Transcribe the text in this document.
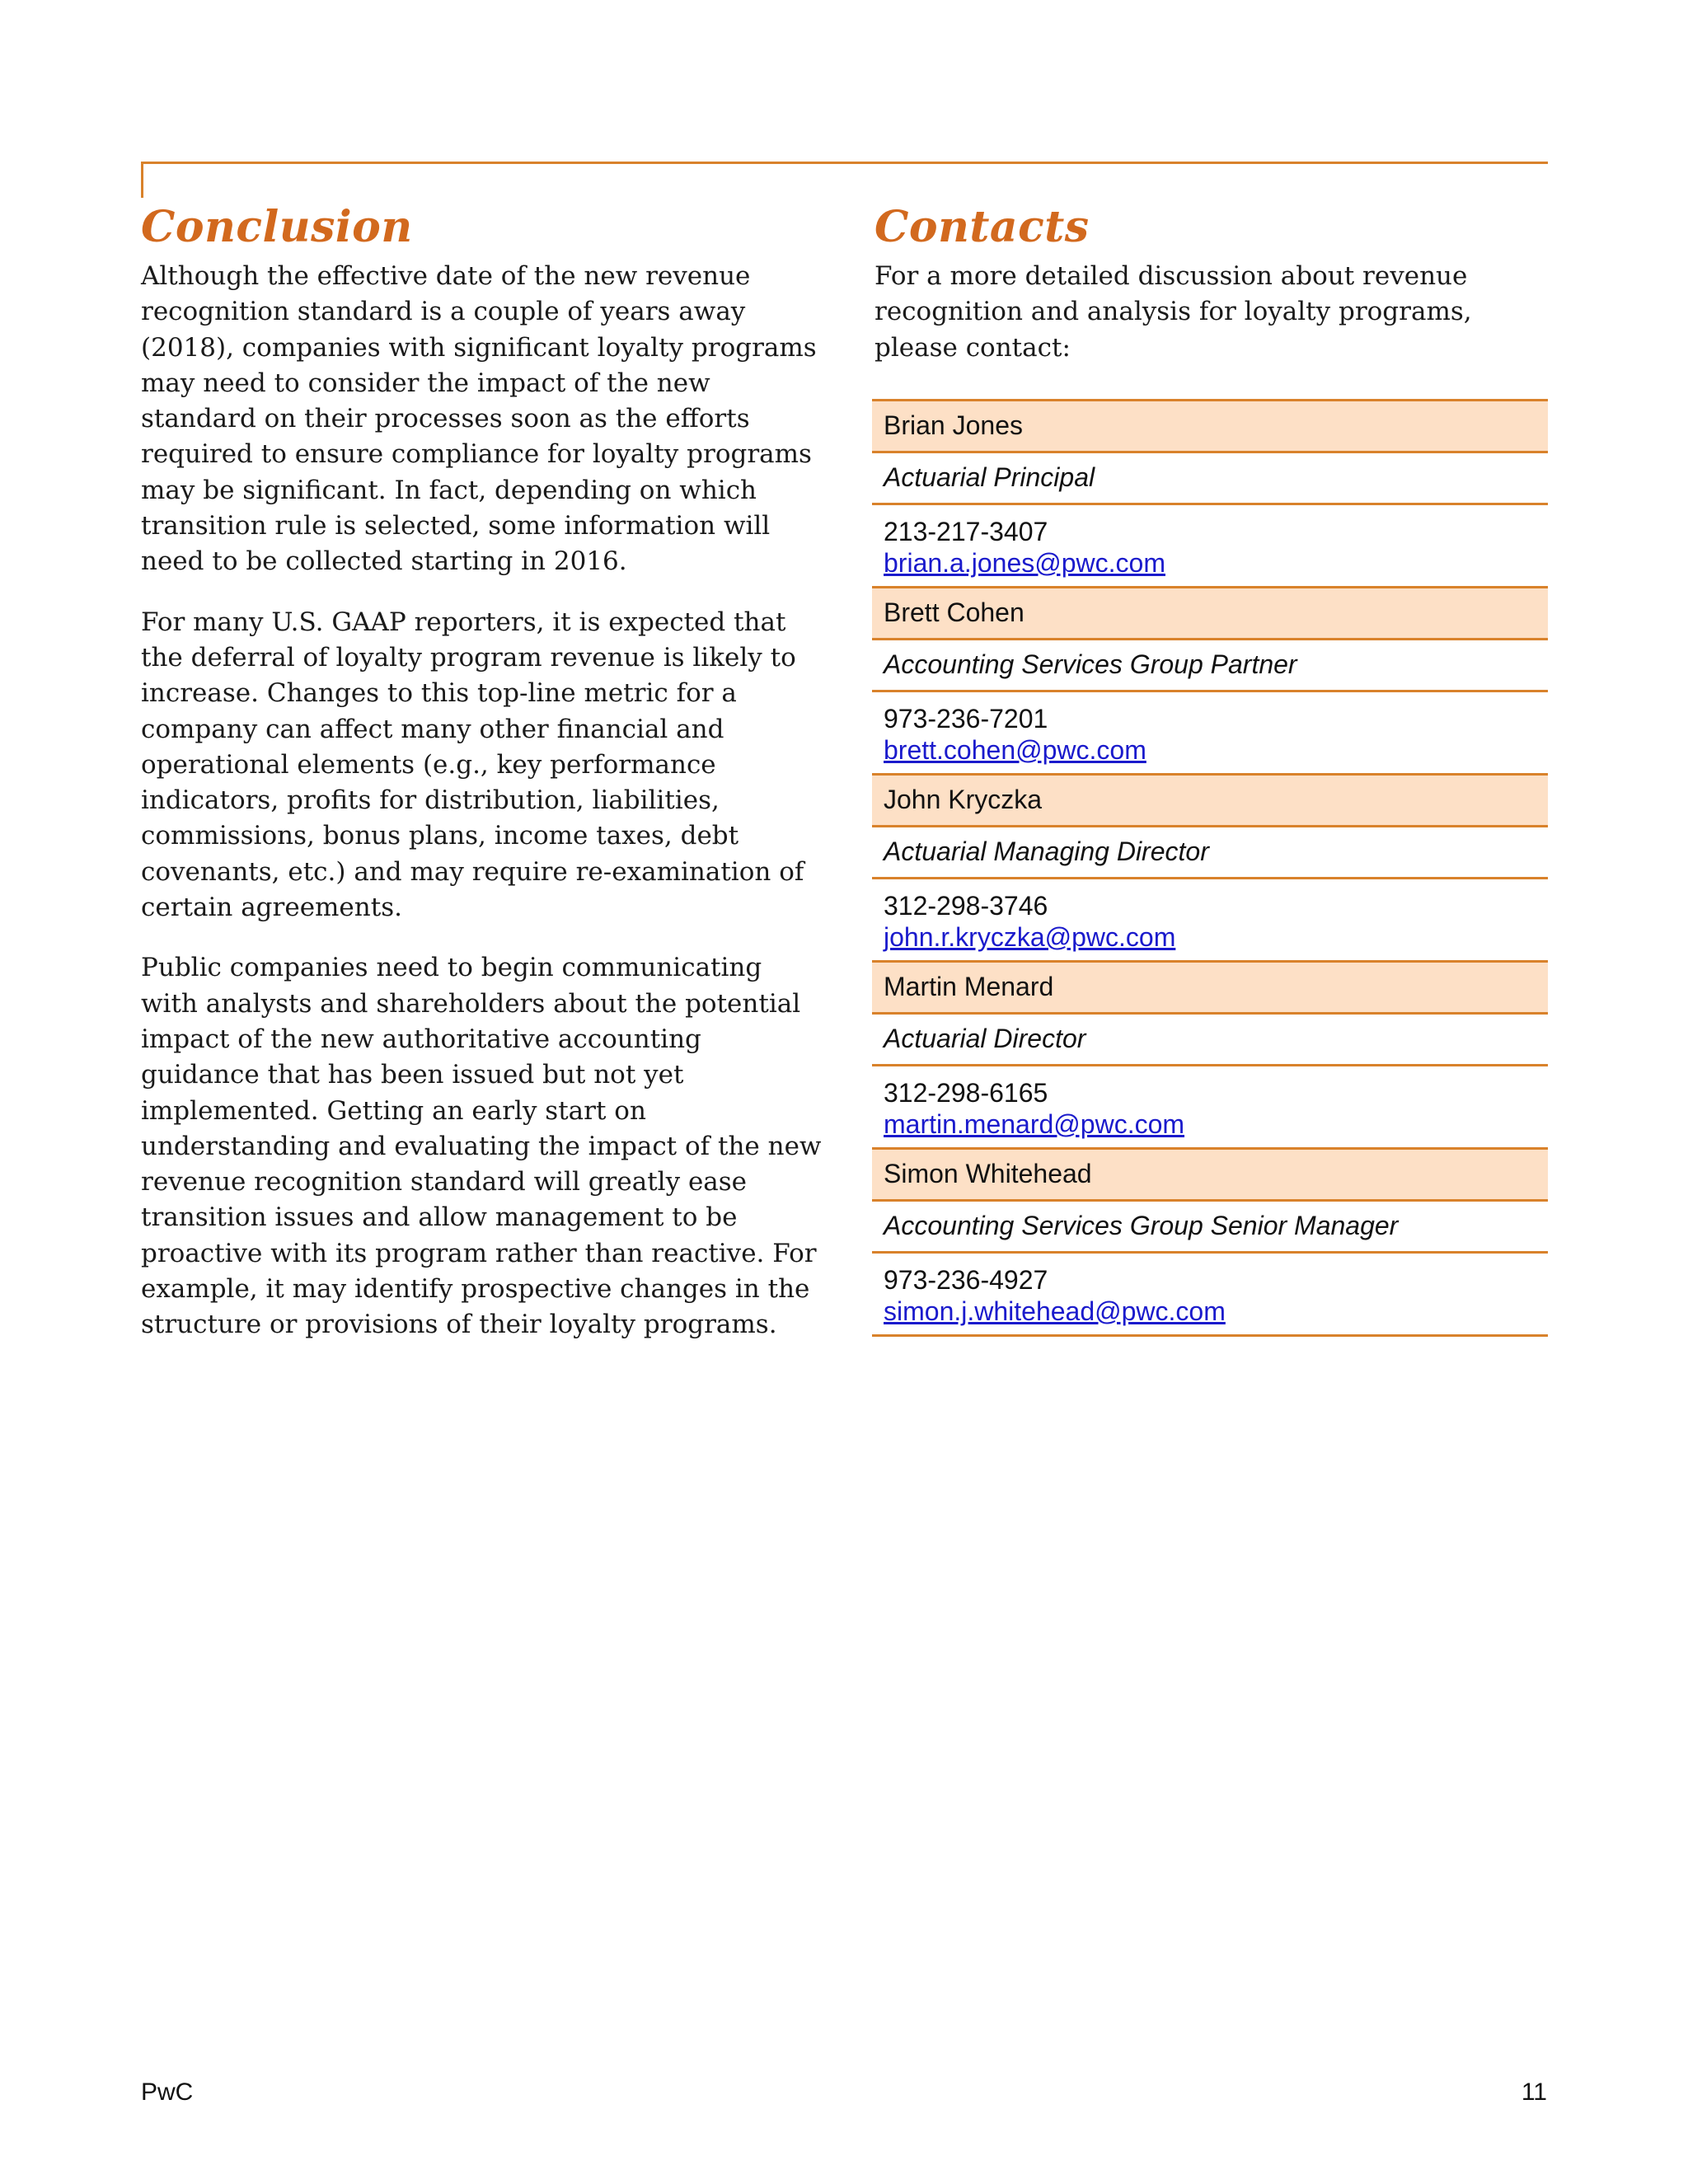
Conclusion

Although the effective date of the new revenue recognition standard is a couple of years away (2018), companies with significant loyalty programs may need to consider the impact of the new standard on their processes soon as the efforts required to ensure compliance for loyalty programs may be significant. In fact, depending on which transition rule is selected, some information will need to be collected starting in 2016.

For many U.S. GAAP reporters, it is expected that the deferral of loyalty program revenue is likely to increase. Changes to this top-line metric for a company can affect many other financial and operational elements (e.g., key performance indicators, profits for distribution, liabilities, commissions, bonus plans, income taxes, debt covenants, etc.) and may require re-examination of certain agreements.

Public companies need to begin communicating with analysts and shareholders about the potential impact of the new authoritative accounting guidance that has been issued but not yet implemented. Getting an early start on understanding and evaluating the impact of the new revenue recognition standard will greatly ease transition issues and allow management to be proactive with its program rather than reactive. For example, it may identify prospective changes in the structure or provisions of their loyalty programs.

Contacts

For a more detailed discussion about revenue recognition and analysis for loyalty programs, please contact:

Brian Jones
Actuarial Principal
213-217-3407
brian.a.jones@pwc.com
Brett Cohen
Accounting Services Group Partner
973-236-7201
brett.cohen@pwc.com
John Kryczka
Actuarial Managing Director
312-298-3746
john.r.kryczka@pwc.com
Martin Menard
Actuarial Director
312-298-6165
martin.menard@pwc.com
Simon Whitehead
Accounting Services Group Senior Manager
973-236-4927
simon.j.whitehead@pwc.com
PwC	11
